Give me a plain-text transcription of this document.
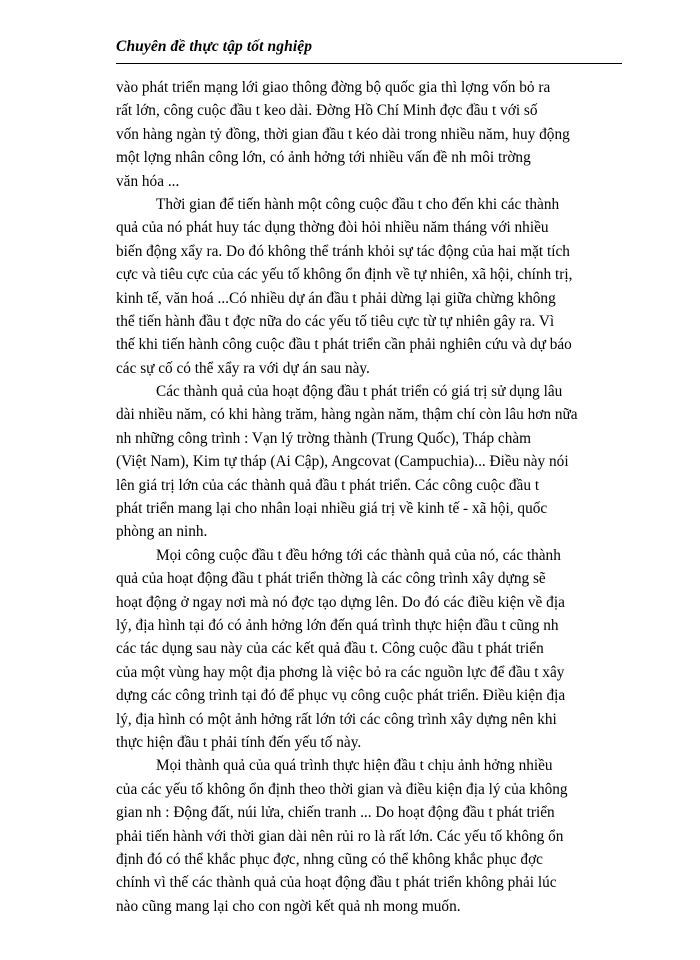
Chuyên đề thực tập tốt nghiệp
vào phát triển mạng lới giao thông đờng bộ quốc gia thì lợng vốn bỏ ra
rất lớn, công cuộc đầu t keo dài. Đờng Hồ Chí Minh đợc đầu t với số
vốn hàng ngàn tỷ đồng, thời gian đầu t kéo dài trong nhiều năm, huy động
một lợng nhân công lớn, có ảnh hởng tới nhiều vấn đề nh môi trờng
văn hóa ...
Thời gian để tiến hành một công cuộc đầu t cho đến khi các thành
quả của nó phát huy tác dụng thờng đòi hỏi nhiều năm tháng với nhiều
biến động xẩy ra. Do đó không thể tránh khỏi sự tác động của hai mặt tích
cực và tiêu cực của các yếu tố không ổn định về tự nhiên, xã hội, chính trị,
kinh tế, văn hoá ...Có nhiều dự án đầu t phải dừng lại giữa chừng không
thể tiến hành đầu t đợc nữa do các yếu tố tiêu cực từ tự nhiên gây ra. Vì
thế khi tiến hành công cuộc đầu t phát triển cần phải nghiên cứu và dự báo
các sự cố có thể xẩy ra với dự án sau này.
Các thành quả của hoạt động đầu t phát triển có giá trị sử dụng lâu
dài nhiều năm, có khi hàng trăm, hàng ngàn năm, thậm chí còn lâu hơn nữa
nh những công trình : Vạn lý trờng thành (Trung Quốc), Tháp chàm
(Việt Nam), Kim tự tháp (Ai Cập), Angcovat (Campuchia)... Điều này nói
lên giá trị lớn của các thành quả đầu t phát triển. Các công cuộc đầu t
phát triển mang lại cho nhân loại nhiều giá trị về kinh tế - xã hội, quốc
phòng an ninh.
Mọi công cuộc đầu t đều hớng tới các thành quả của nó, các thành
quả của hoạt động đầu t phát triển thờng là các công trình xây dựng sẽ
hoạt động ở ngay nơi mà nó đợc tạo dựng lên. Do đó các điều kiện về địa
lý, địa hình tại đó có ảnh hởng lớn đến quá trình thực hiện đầu t cũng nh
các tác dụng sau này của các kết quả đầu t. Công cuộc đầu t phát triển
của một vùng hay một địa phơng là việc bỏ ra các nguồn lực để đầu t xây
dựng các công trình tại đó để phục vụ công cuộc phát triển. Điều kiện địa
lý, địa hình có một ảnh hởng rất lớn tới các công trình xây dựng nên khi
thực hiện đầu t phải tính đến yếu tố này.
Mọi thành quả của quá trình thực hiện đầu t chịu ảnh hởng nhiều
của các yếu tố không ổn định theo thời gian và điều kiện địa lý của không
gian nh : Động đất, núi lửa, chiến tranh ... Do hoạt động đầu t phát triển
phải tiến hành với thời gian dài nên rủi ro là rất lớn. Các yếu tố không ổn
định đó có thể khắc phục đợc, nhng cũng có thể không khắc phục đợc
chính vì thế các thành quả của hoạt động đầu t phát triển không phải lúc
nào cũng mang lại cho con ngời kết quả nh mong muốn.
